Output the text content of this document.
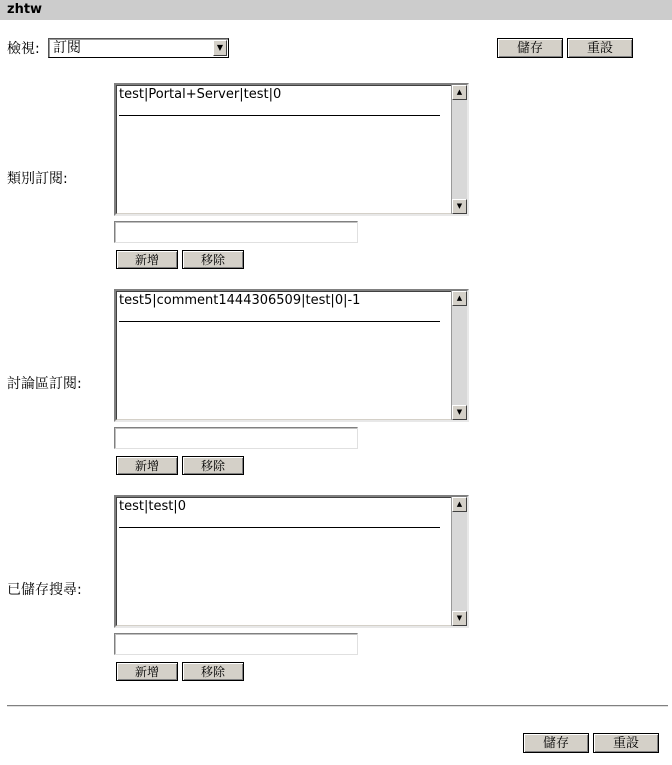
zhtw
檢視: 訂閱	▼	儲存	重設
類別訂閱:
test|Portal+Server|test|0	▲
▼
新增	移除
討論區訂閱:
test5|comment1444306509|test|0|-1	▲
▼
新增	移除
已儲存搜尋:
test|test|0	▲
▼
新增	移除
儲存	重設
